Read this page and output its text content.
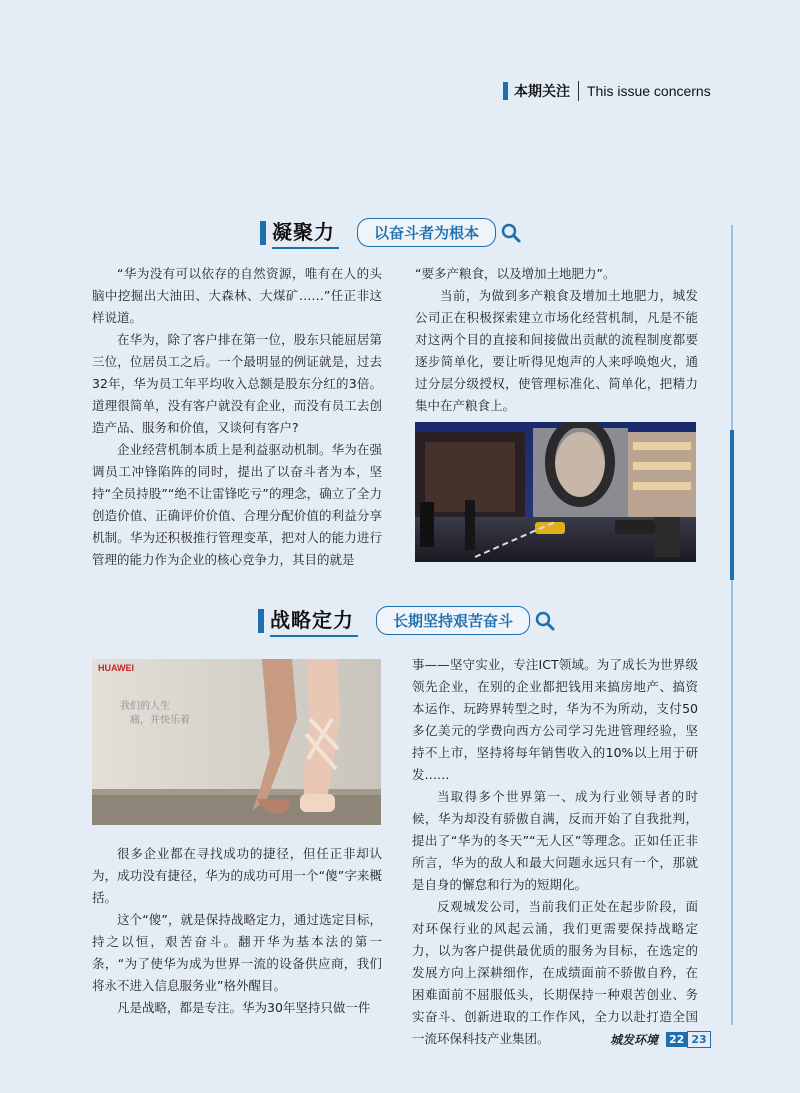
本期关注 This issue concerns
凝聚力	以奋斗者为根本

“华为没有可以依存的自然资源，唯有在人的头脑中挖掘出大油田、大森林、大煤矿……”任正非这样说道。

在华为，除了客户排在第一位，股东只能屈居第三位，位居员工之后。一个最明显的例证就是，过去32年，华为员工年平均收入总额是股东分红的3倍。道理很简单，没有客户就没有企业，而没有员工去创造产品、服务和价值，又谈何有客户?

企业经营机制本质上是利益驱动机制。华为在强调员工冲锋陷阵的同时，提出了以奋斗者为本，坚持“全员持股”“绝不让雷锋吃亏”的理念，确立了全力创造价值、正确评价价值、合理分配价值的利益分享机制。华为还积极推行管理变革，把对人的能力进行管理的能力作为企业的核心竞争力，其目的就是

“要多产粮食，以及增加土地肥力”。

当前，为做到多产粮食及增加土地肥力，城发公司正在积极探索建立市场化经营机制，凡是不能对这两个目的直接和间接做出贡献的流程制度都要逐步简单化，要让听得见炮声的人来呼唤炮火，通过分层分级授权，使管理标准化、简单化，把精力集中在产粮食上。

战略定力	长期坚持艰苦奋斗
HUAWEI
我们的人生
痛，并快乐着

很多企业都在寻找成功的捷径，但任正非却认为，成功没有捷径，华为的成功可用一个“傻”字来概括。

这个“傻”，就是保持战略定力，通过选定目标，持之以恒，艰苦奋斗。翻开华为基本法的第一条，“为了使华为成为世界一流的设备供应商，我们将永不进入信息服务业”格外醒目。

凡是战略，都是专注。华为30年坚持只做一件

事——坚守实业，专注ICT领域。为了成长为世界级领先企业，在别的企业都把钱用来搞房地产、搞资本运作、玩跨界转型之时，华为不为所动，支付50多亿美元的学费向西方公司学习先进管理经验，坚持不上市，坚持将每年销售收入的10%以上用于研发……

当取得多个世界第一、成为行业领导者的时候，华为却没有骄傲自满，反而开始了自我批判，提出了“华为的冬天”“无人区”等理念。正如任正非所言，华为的敌人和最大问题永远只有一个，那就是自身的懈怠和行为的短期化。

反观城发公司，当前我们正处在起步阶段，面对环保行业的风起云涌，我们更需要保持战略定力，以为客户提供最优质的服务为目标，在选定的发展方向上深耕细作，在成绩面前不骄傲自矜，在困难面前不屈服低头，长期保持一种艰苦创业、务实奋斗、创新进取的工作作风，全力以赴打造全国一流环保科技产业集团。	城发环境 22 23
